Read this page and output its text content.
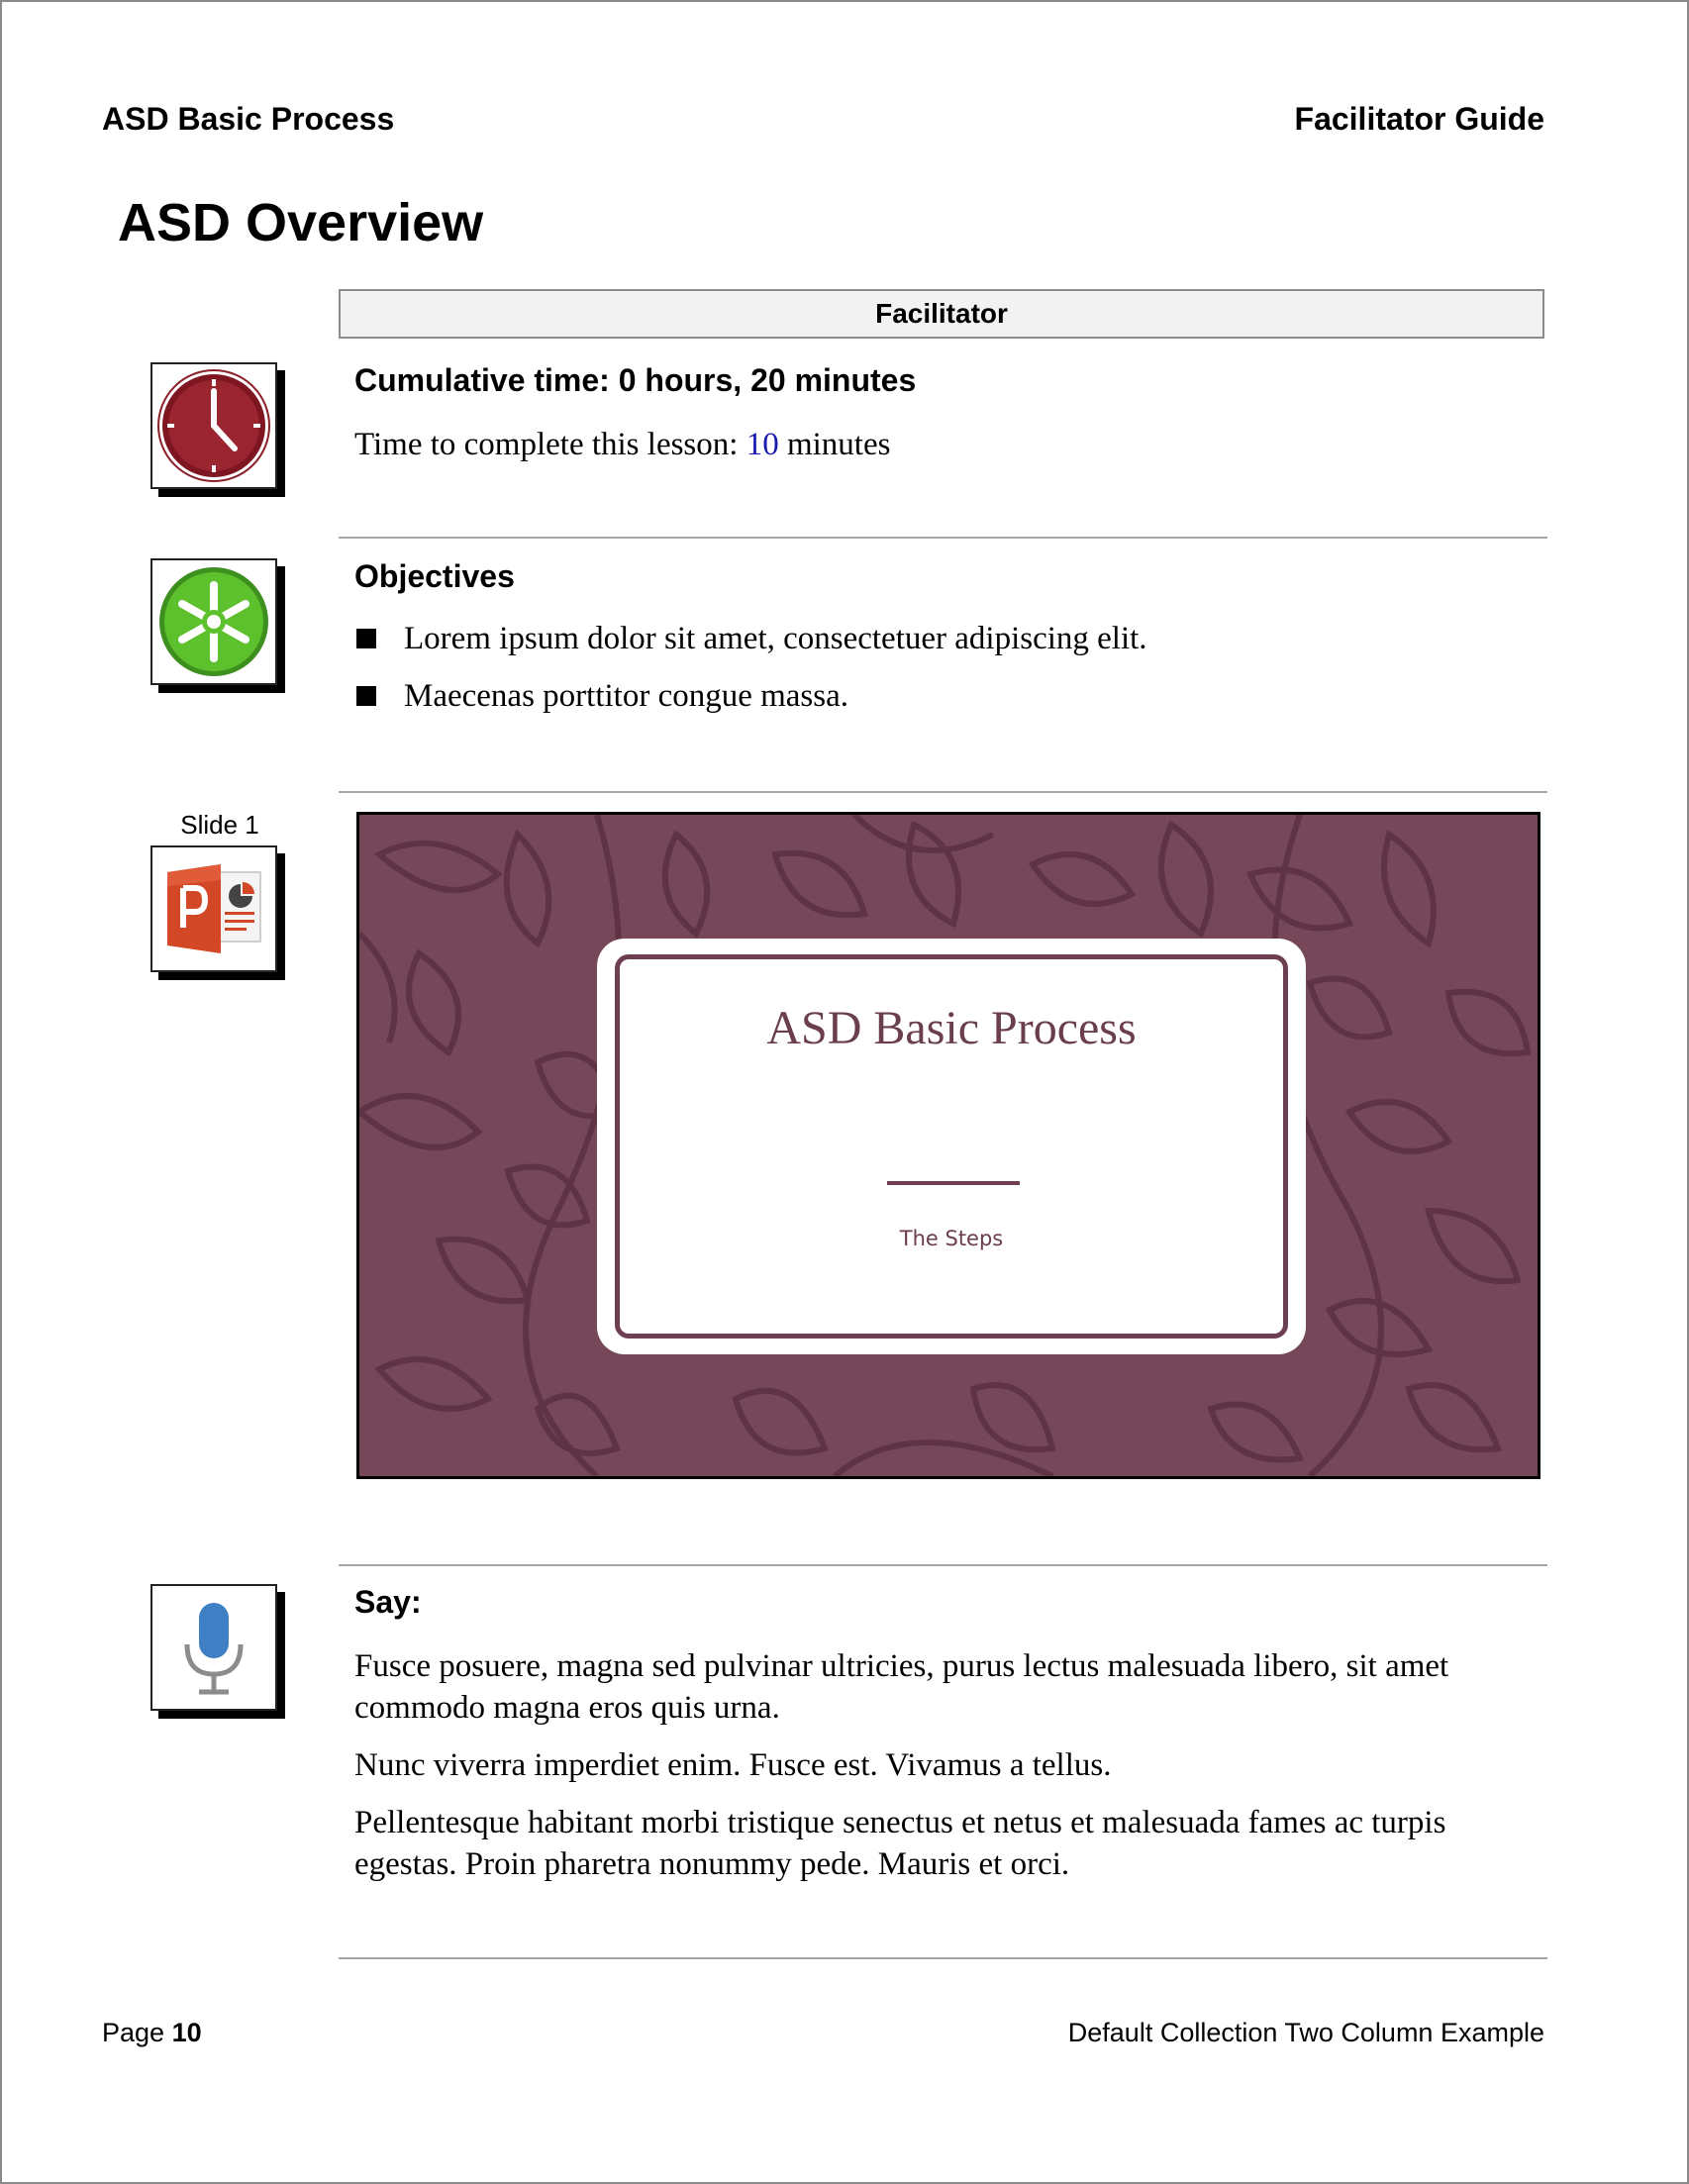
ASD Basic Process	Facilitator Guide
ASD Overview
Facilitator
Cumulative time: 0 hours, 20 minutes
Time to complete this lesson: 10 minutes
Objectives
Lorem ipsum dolor sit amet, consectetuer adipiscing elit.
Maecenas porttitor congue massa.
Slide 1
ASD Basic Process
The Steps
Say:
Fusce posuere, magna sed pulvinar ultricies, purus lectus malesuada libero, sit amet commodo magna eros quis urna.
Nunc viverra imperdiet enim. Fusce est. Vivamus a tellus.
Pellentesque habitant morbi tristique senectus et netus et malesuada fames ac turpis egestas. Proin pharetra nonummy pede. Mauris et orci.
Page 10	Default Collection Two Column Example
